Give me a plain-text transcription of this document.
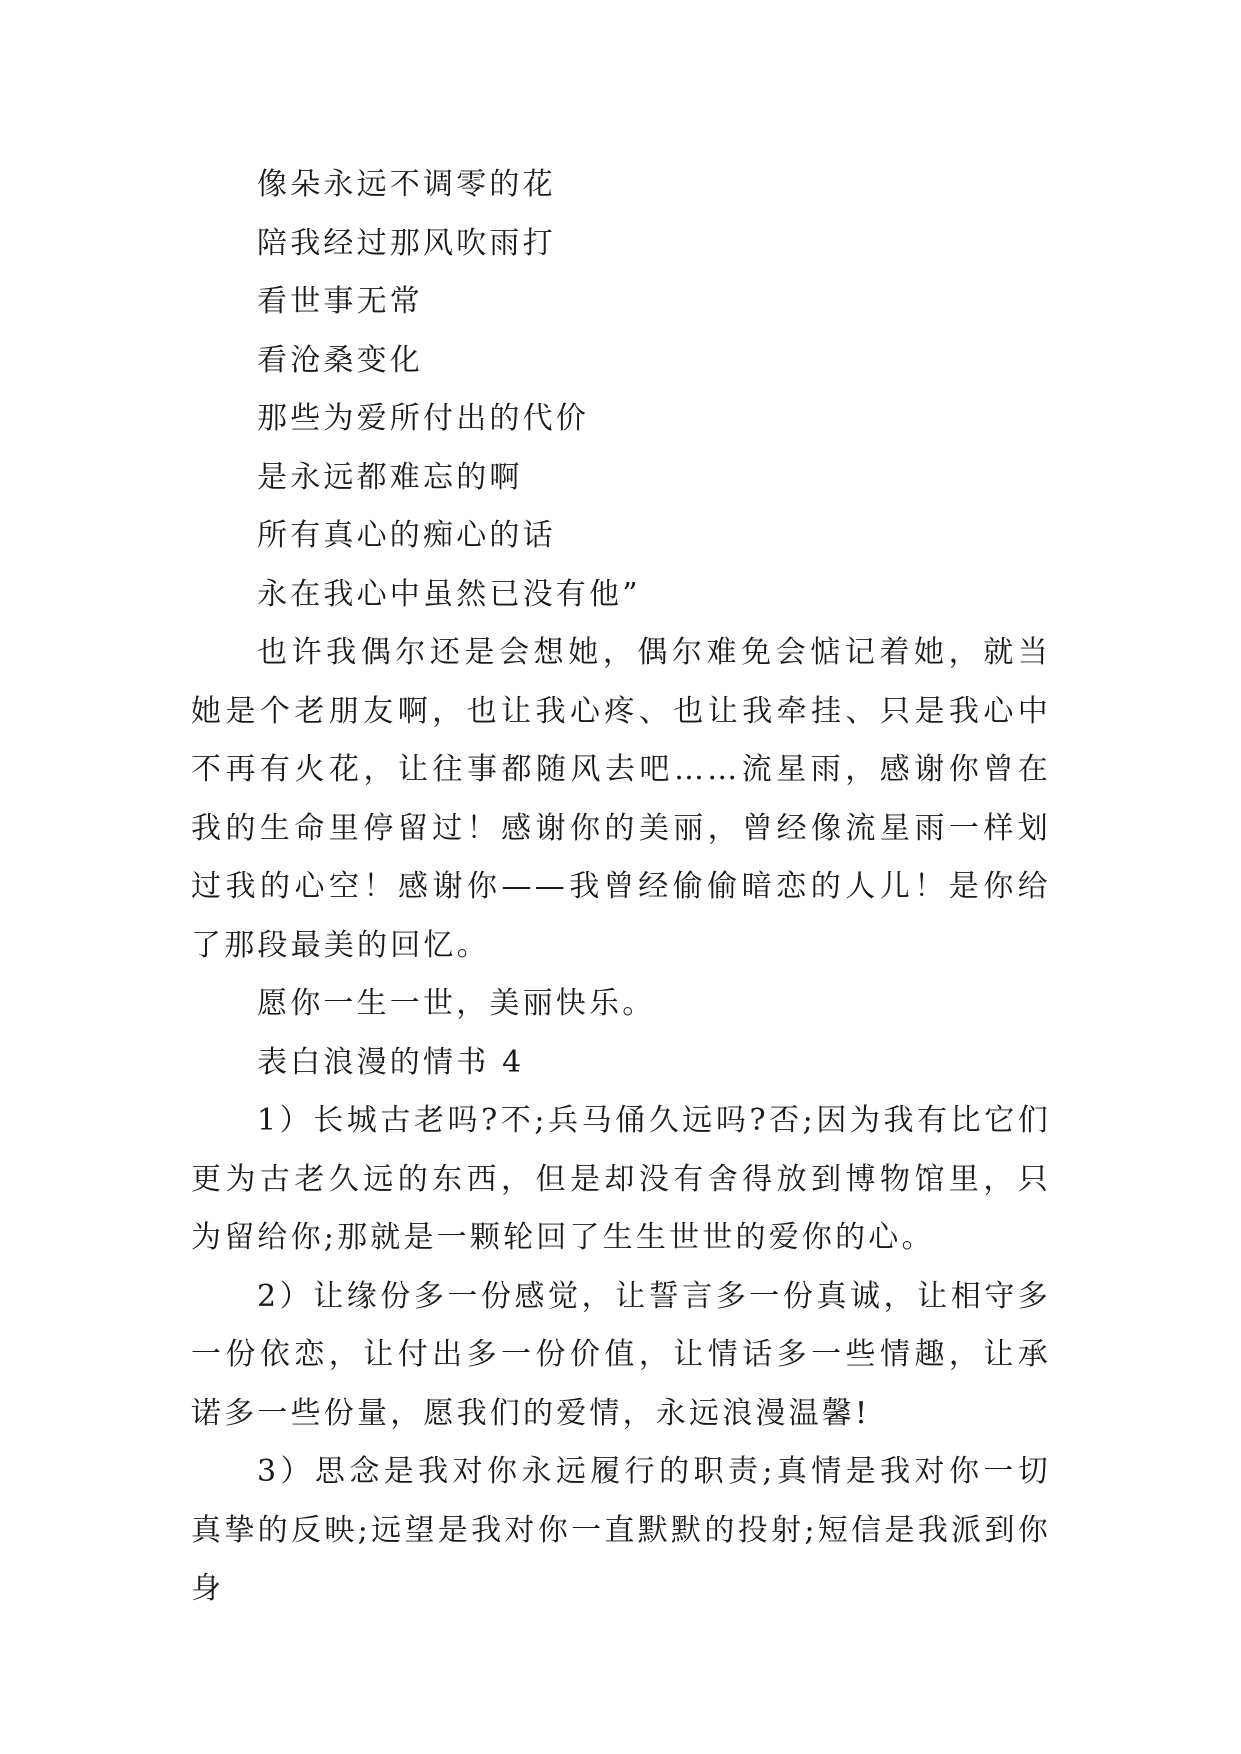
像朵永远不调零的花

陪我经过那风吹雨打

看世事无常

看沧桑变化

那些为爱所付出的代价

是永远都难忘的啊

所有真心的痴心的话

永在我心中虽然已没有他”

也许我偶尔还是会想她，偶尔难免会惦记着她，就当她是个老朋友啊，也让我心疼、也让我牵挂、只是我心中不再有火花，让往事都随风去吧……流星雨，感谢你曾在我的生命里停留过！感谢你的美丽，曾经像流星雨一样划过我的心空！感谢你——我曾经偷偷暗恋的人儿！是你给了那段最美的回忆。

愿你一生一世，美丽快乐。

表白浪漫的情书 4

1）长城古老吗?不;兵马俑久远吗?否;因为我有比它们更为古老久远的东西，但是却没有舍得放到博物馆里，只为留给你;那就是一颗轮回了生生世世的爱你的心。

2）让缘份多一份感觉，让誓言多一份真诚，让相守多一份依恋，让付出多一份价值，让情话多一些情趣，让承诺多一些份量，愿我们的爱情，永远浪漫温馨!

3）思念是我对你永远履行的职责;真情是我对你一切真挚的反映;远望是我对你一直默默的投射;短信是我派到你身
